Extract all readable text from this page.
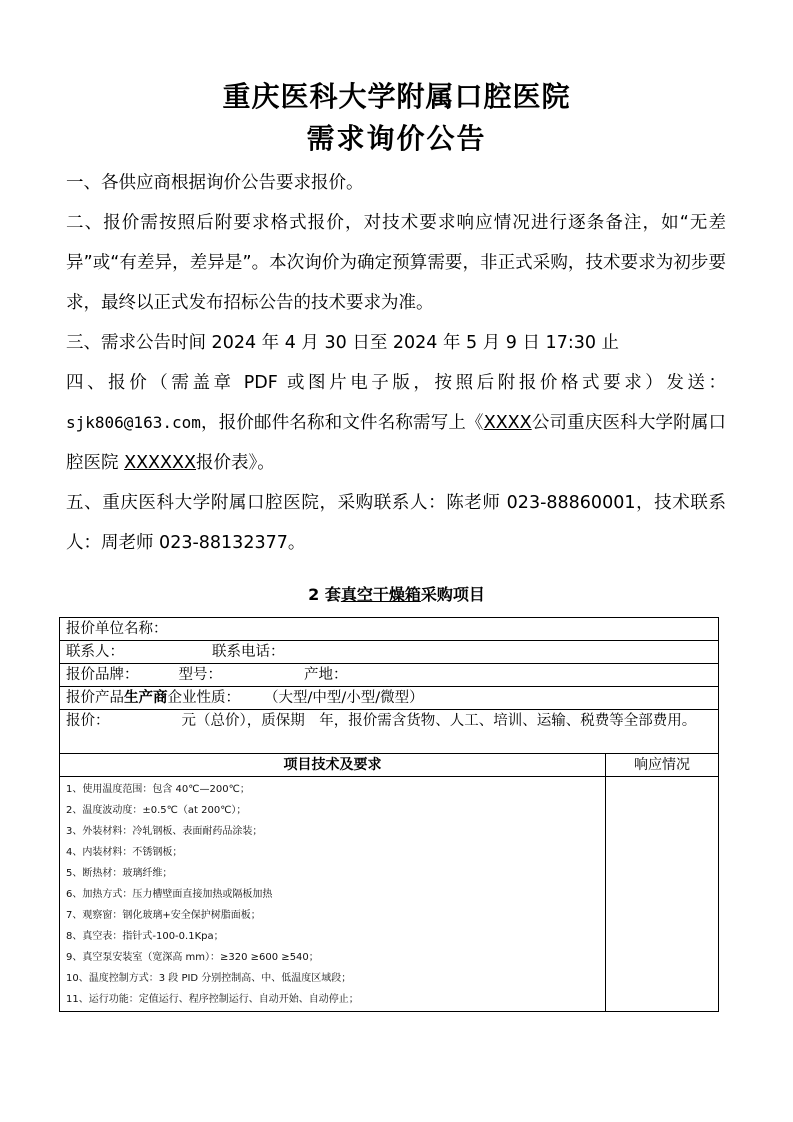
重庆医科大学附属口腔医院
需求询价公告
一、各供应商根据询价公告要求报价。
二、报价需按照后附要求格式报价，对技术要求响应情况进行逐条备注，如“无差异”或“有差异，差异是”。本次询价为确定预算需要，非正式采购，技术要求为初步要求，最终以正式发布招标公告的技术要求为准。
三、需求公告时间 2024 年 4 月 30 日至 2024 年 5 月 9 日 17:30 止
四、报价（需盖章 PDF 或图片电子版，按照后附报价格式要求）发送：sjk806@163.com，报价邮件名称和文件名称需写上《XXXX公司重庆医科大学附属口腔医院 XXXXXX报价表》。
五、重庆医科大学附属口腔医院，采购联系人：陈老师 023-88860001，技术联系人：周老师 023-88132377。
2 套真空干燥箱采购项目
报价单位名称：
联系人：	联系电话：
报价品牌：	型号：	产地：
报价产品生产商企业性质： （大型/中型/小型/微型）
报价：	元（总价），质保期　年，报价需含货物、人工、培训、运输、税费等全部费用。
项目技术及要求	响应情况
1、使用温度范围：包含 40℃—200℃；
2、温度波动度：±0.5℃（at 200℃）；
3、外装材料：冷轧钢板、表面耐药品涂装；
4、内装材料：不锈钢板；
5、断热材：玻璃纤维；
6、加热方式：压力槽壁面直接加热或隔板加热
7、观察窗：钢化玻璃+安全保护树脂面板；
8、真空表：指针式-100-0.1Kpa；
9、真空泵安装室（宽深高 mm）：≥320 ≥600 ≥540；
10、温度控制方式：3 段 PID 分别控制高、中、低温度区域段；
11、运行功能：定值运行、程序控制运行、自动开始、自动停止；
